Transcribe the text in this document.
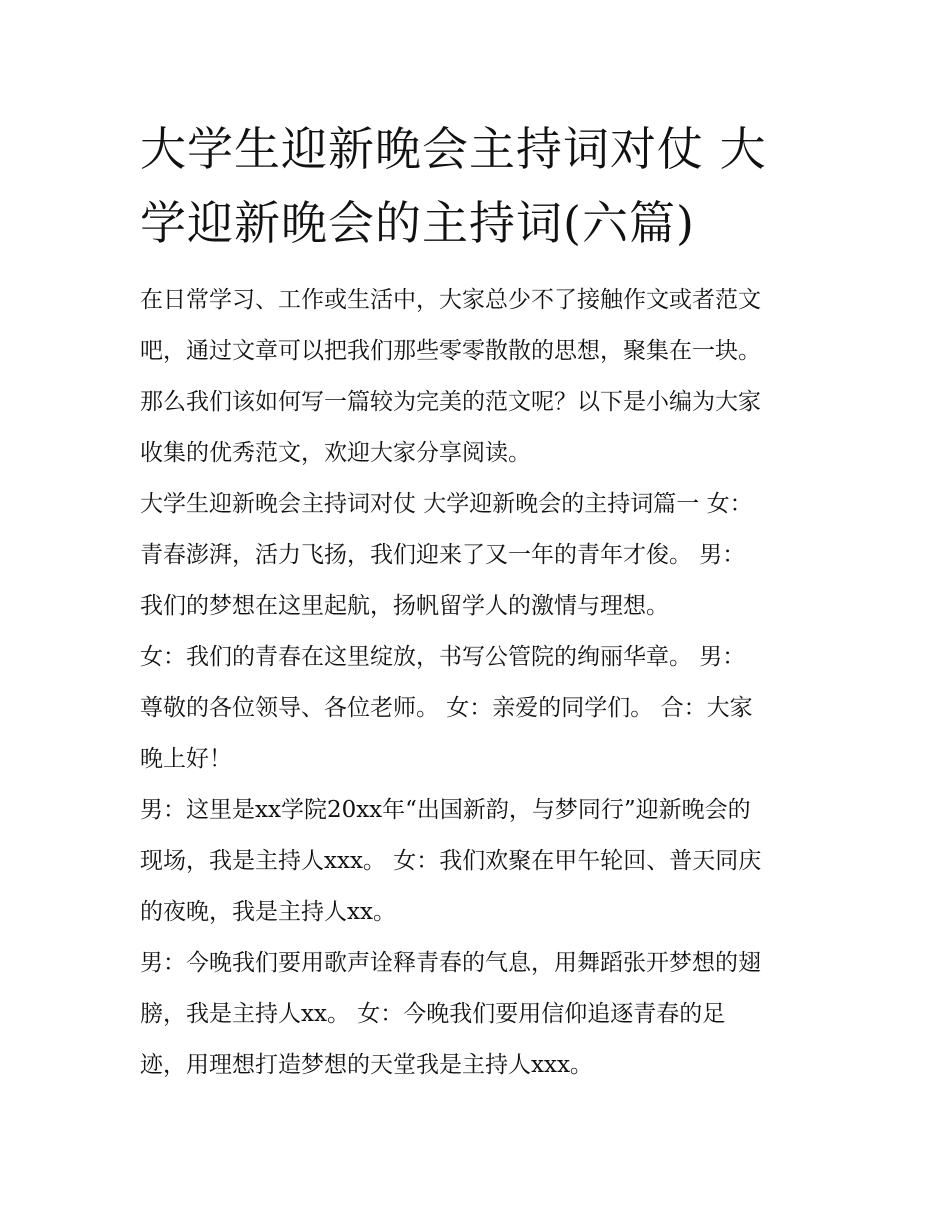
大学生迎新晚会主持词对仗 大
学迎新晚会的主持词(六篇)
在日常学习、工作或生活中，大家总少不了接触作文或者范文
吧，通过文章可以把我们那些零零散散的思想，聚集在一块。
那么我们该如何写一篇较为完美的范文呢？以下是小编为大家
收集的优秀范文，欢迎大家分享阅读。
大学生迎新晚会主持词对仗 大学迎新晚会的主持词篇一 女：
青春澎湃，活力飞扬，我们迎来了又一年的青年才俊。 男：
我们的梦想在这里起航，扬帆留学人的激情与理想。
女：我们的青春在这里绽放，书写公管院的绚丽华章。 男：
尊敬的各位领导、各位老师。 女：亲爱的同学们。 合：大家
晚上好！
男：这里是xx学院20xx年“出国新韵，与梦同行”迎新晚会的
现场，我是主持人xxx。 女：我们欢聚在甲午轮回、普天同庆
的夜晚，我是主持人xx。
男：今晚我们要用歌声诠释青春的气息，用舞蹈张开梦想的翅
膀，我是主持人xx。 女：今晚我们要用信仰追逐青春的足
迹，用理想打造梦想的天堂我是主持人xxx。
